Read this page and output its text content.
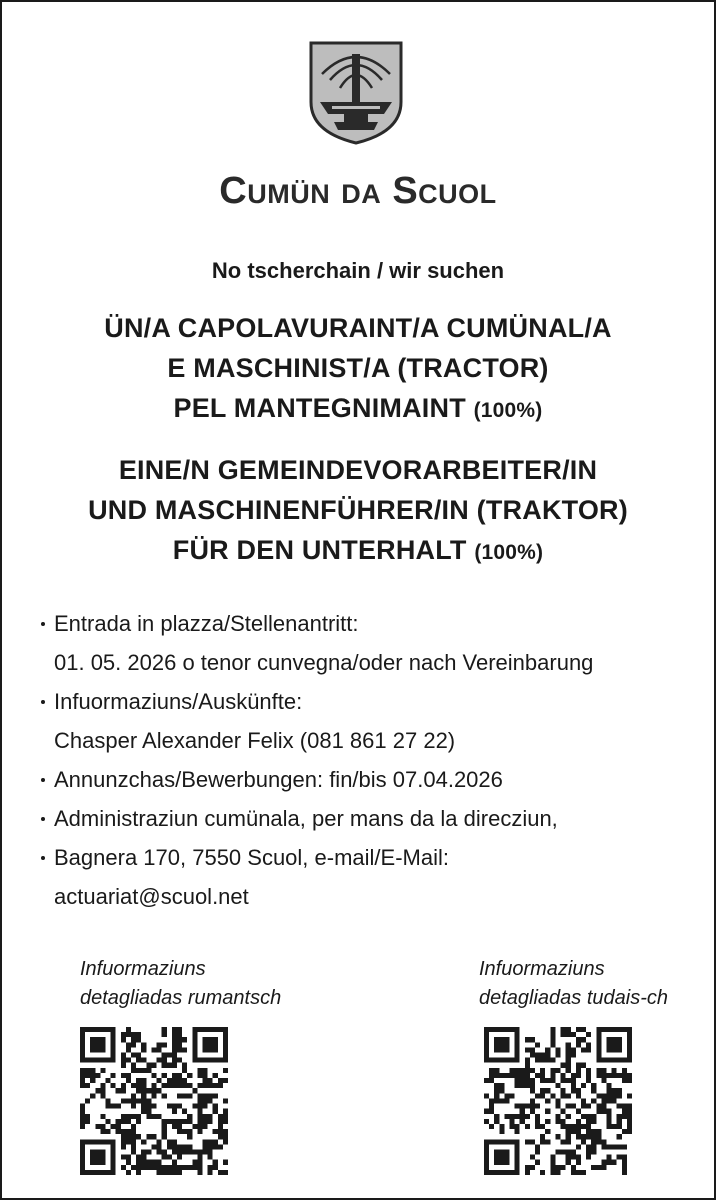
Cumün da Scuol
No tscherchain / wir suchen
ÜN/A CAPOLAVURAINT/A CUMÜNAL/A
E MASCHINIST/A (TRACTOR)
PEL MANTEGNIMAINT (100%)
EINE/N GEMEINDEVORARBEITER/IN
UND MASCHINENFÜHRER/IN (TRAKTOR)
FÜR DEN UNTERHALT (100%)
Entrada in plazza/Stellenantritt:
01. 05. 2026 o tenor cunvegna/oder nach Vereinbarung
Infuormaziuns/Auskünfte:
Chasper Alexander Felix (081 861 27 22)
Annunzchas/Bewerbungen: fin/bis 07.04.2026
Administraziun cumünala, per mans da la direcziun,
Bagnera 170, 7550 Scuol, e-mail/E-Mail:
actuariat@scuol.net
Infuormaziuns
detagliadas rumantsch
Infuormaziuns
detagliadas tudais-ch
